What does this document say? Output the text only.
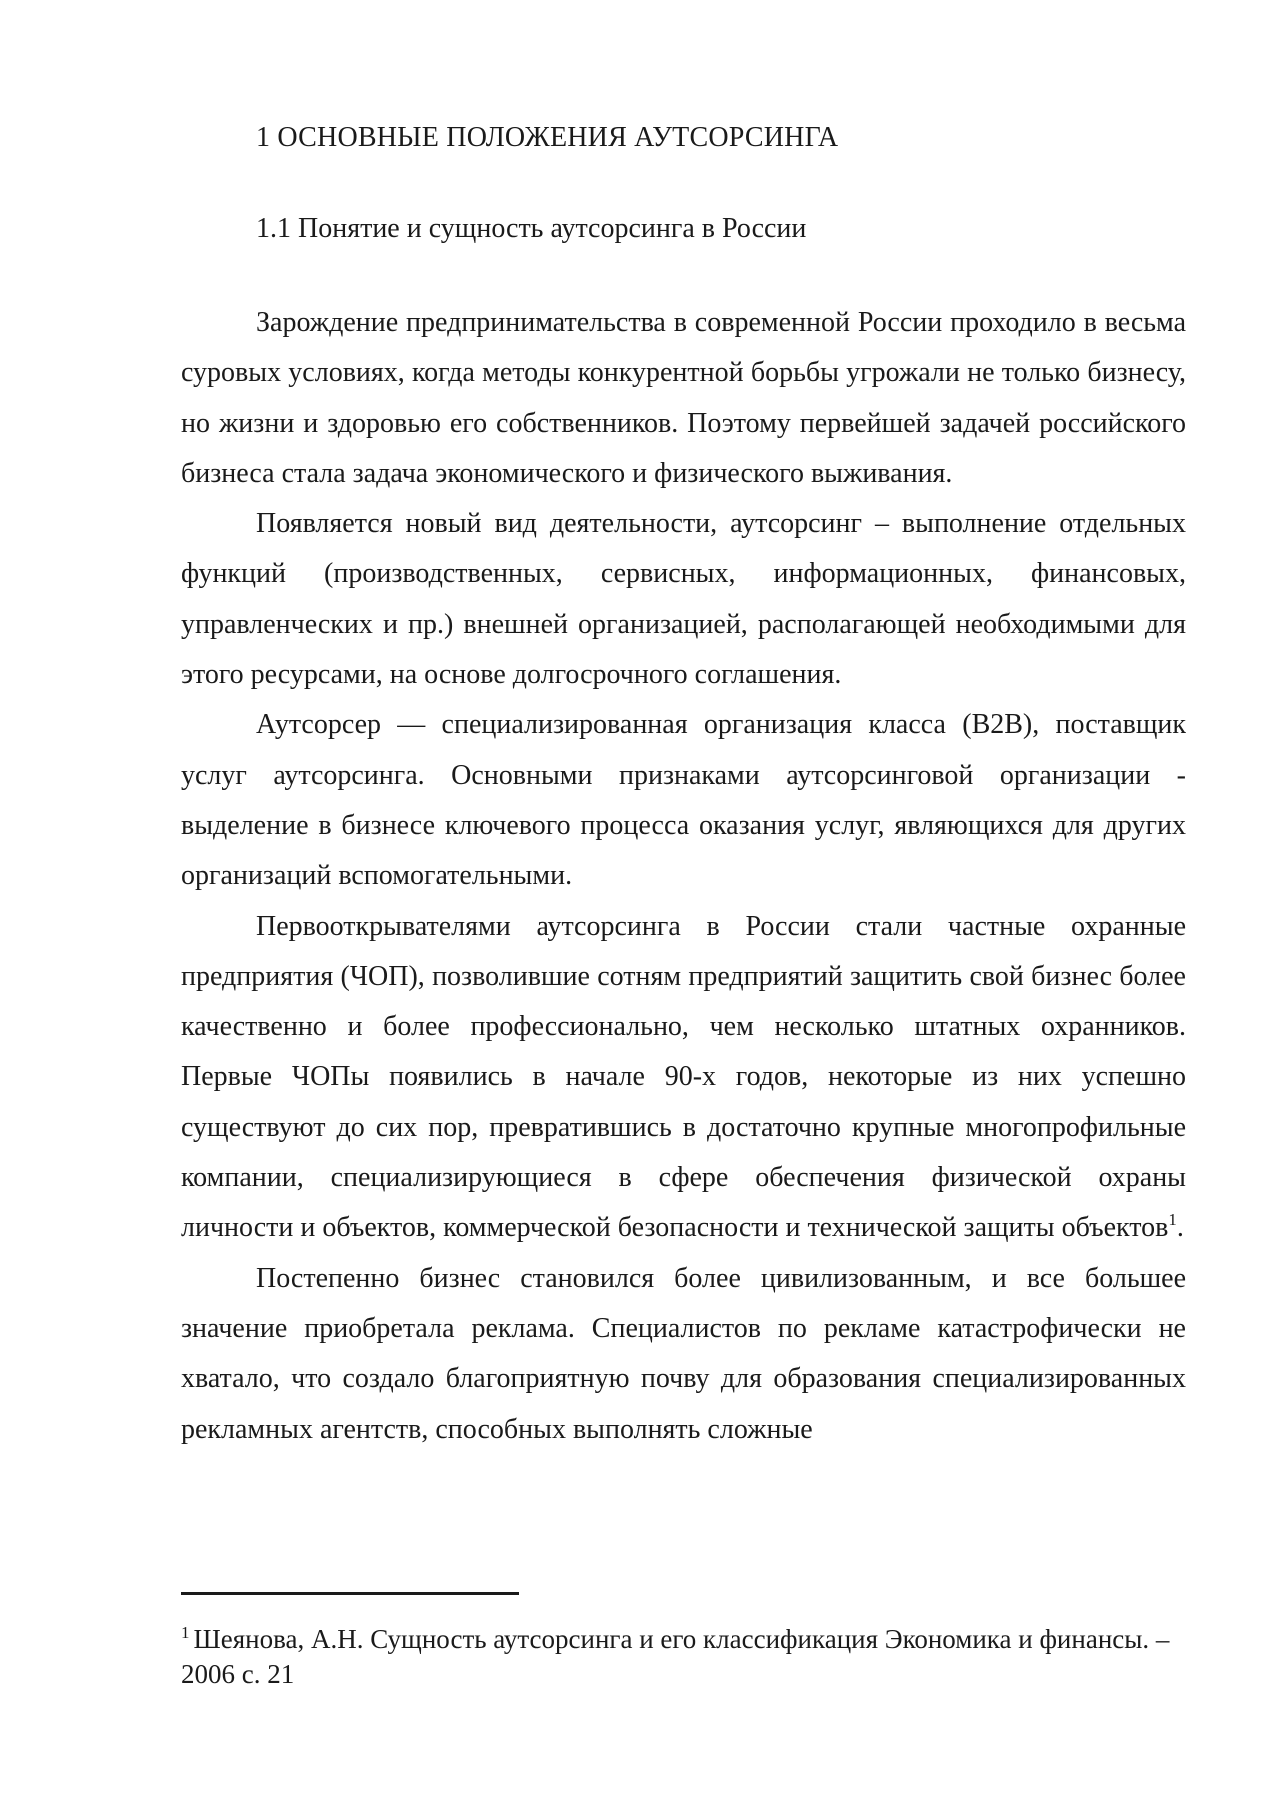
1 ОСНОВНЫЕ ПОЛОЖЕНИЯ АУТСОРСИНГА
1.1 Понятие и сущность аутсорсинга в России

Зарождение предпринимательства в современной России проходило в весьма суровых условиях, когда методы конкурентной борьбы угрожали не только бизнесу, но жизни и здоровью его собственников. Поэтому первейшей задачей российского бизнеса стала задача экономического и физического выживания.

Появляется новый вид деятельности, аутсорсинг – выполнение отдельных функций (производственных, сервисных, информационных, финансовых, управленческих и пр.) внешней организацией, располагающей необходимыми для этого ресурсами, на основе долгосрочного соглашения.

Аутсорсер — специализированная организация класса (B2B), поставщик услуг аутсорсинга. Основными признаками аутсорсинговой организации - выделение в бизнесе ключевого процесса оказания услуг, являющихся для других организаций вспомогательными.

Первооткрывателями аутсорсинга в России стали частные охранные предприятия (ЧОП), позволившие сотням предприятий защитить свой бизнес более качественно и более профессионально, чем несколько штатных охранников. Первые ЧОПы появились в начале 90-х годов, некоторые из них успешно существуют до сих пор, превратившись в достаточно крупные многопрофильные компании, специализирующиеся в сфере обеспечения физической охраны личности и объектов, коммерческой безопасности и технической защиты объектов$^1$.

Постепенно бизнес становился более цивилизованным, и все большее значение приобретала реклама. Специалистов по рекламе катастрофически не хватало, что создало благоприятную почву для образования специализированных рекламных агентств, способных выполнять сложные

$^1$ Шеянова, А.Н. Сущность аутсорсинга и его классификация Экономика и финансы. – 2006 с. 21
